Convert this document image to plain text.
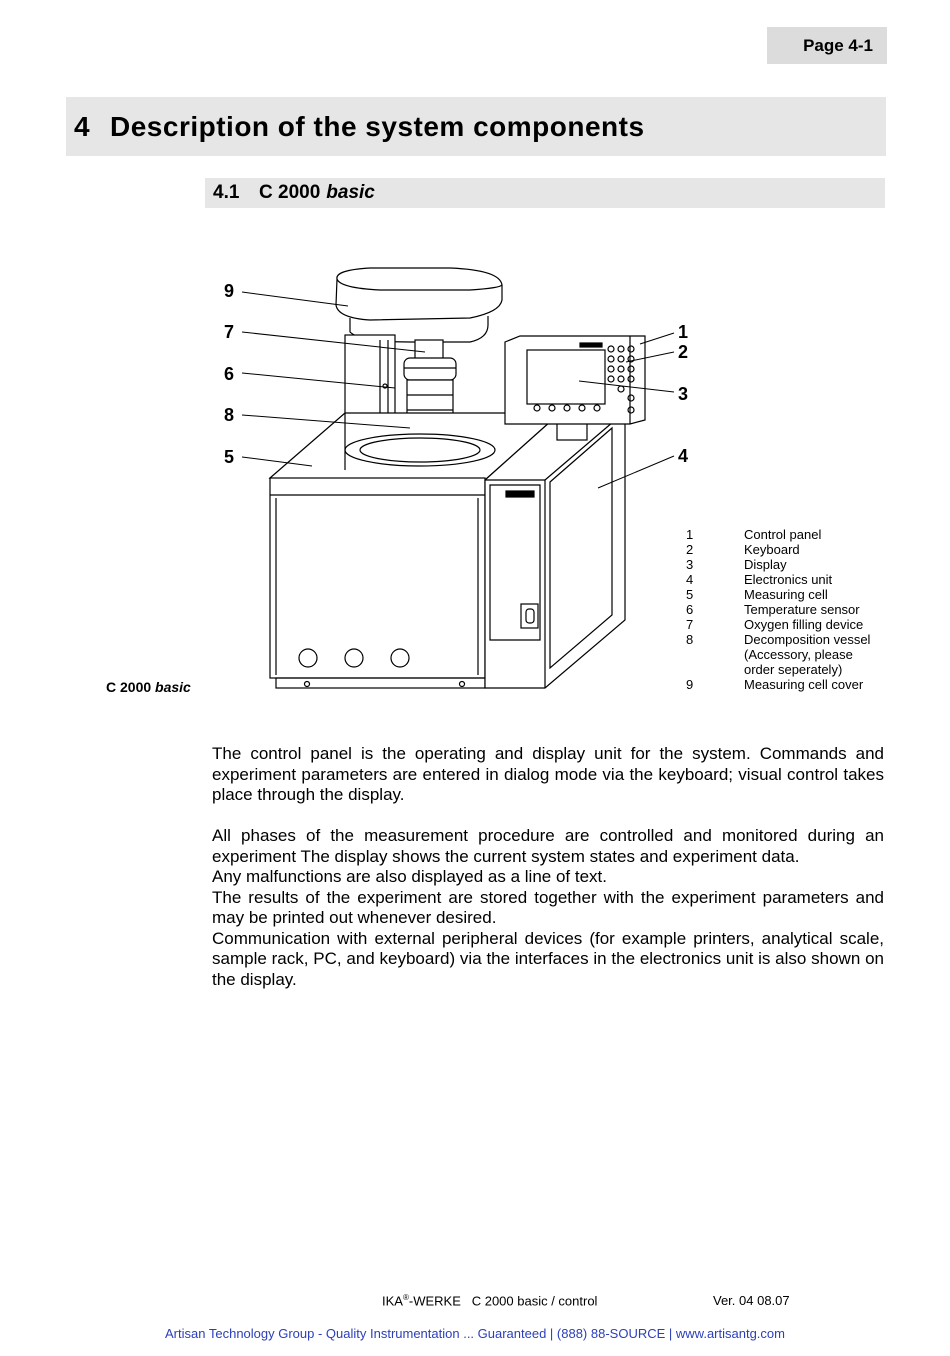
Page 4-1
4 Description of the system components
4.1	C 2000 basic
9
7
6
8
5
1
2
3
4
1	Control panel
2	Keyboard
3	Display
4	Electronics unit
5	Measuring cell
6	Temperature sensor
7	Oxygen filling device
8	Decomposition vessel (Accessory, please order seperately)
9	Measuring cell cover
C 2000 basic

The control panel is the operating and display unit for the system. Commands and experiment parameters are entered in dialog mode via the keyboard; visual control takes place through the display.

All phases of the measurement procedure are controlled and monitored during an experiment The display shows the current system states and experiment data.

Any malfunctions are also displayed as a line of text.

The results of the experiment are stored together with the experiment parameters and may be printed out whenever desired.

Communication with external peripheral devices (for example printers, analytical scale, sample rack, PC, and keyboard) via the interfaces in the electronics unit is also shown on the display.

IKA®-WERKE   C 2000 basic / control	Ver. 04 08.07
Artisan Technology Group - Quality Instrumentation ... Guaranteed | (888) 88-SOURCE | www.artisantg.com
